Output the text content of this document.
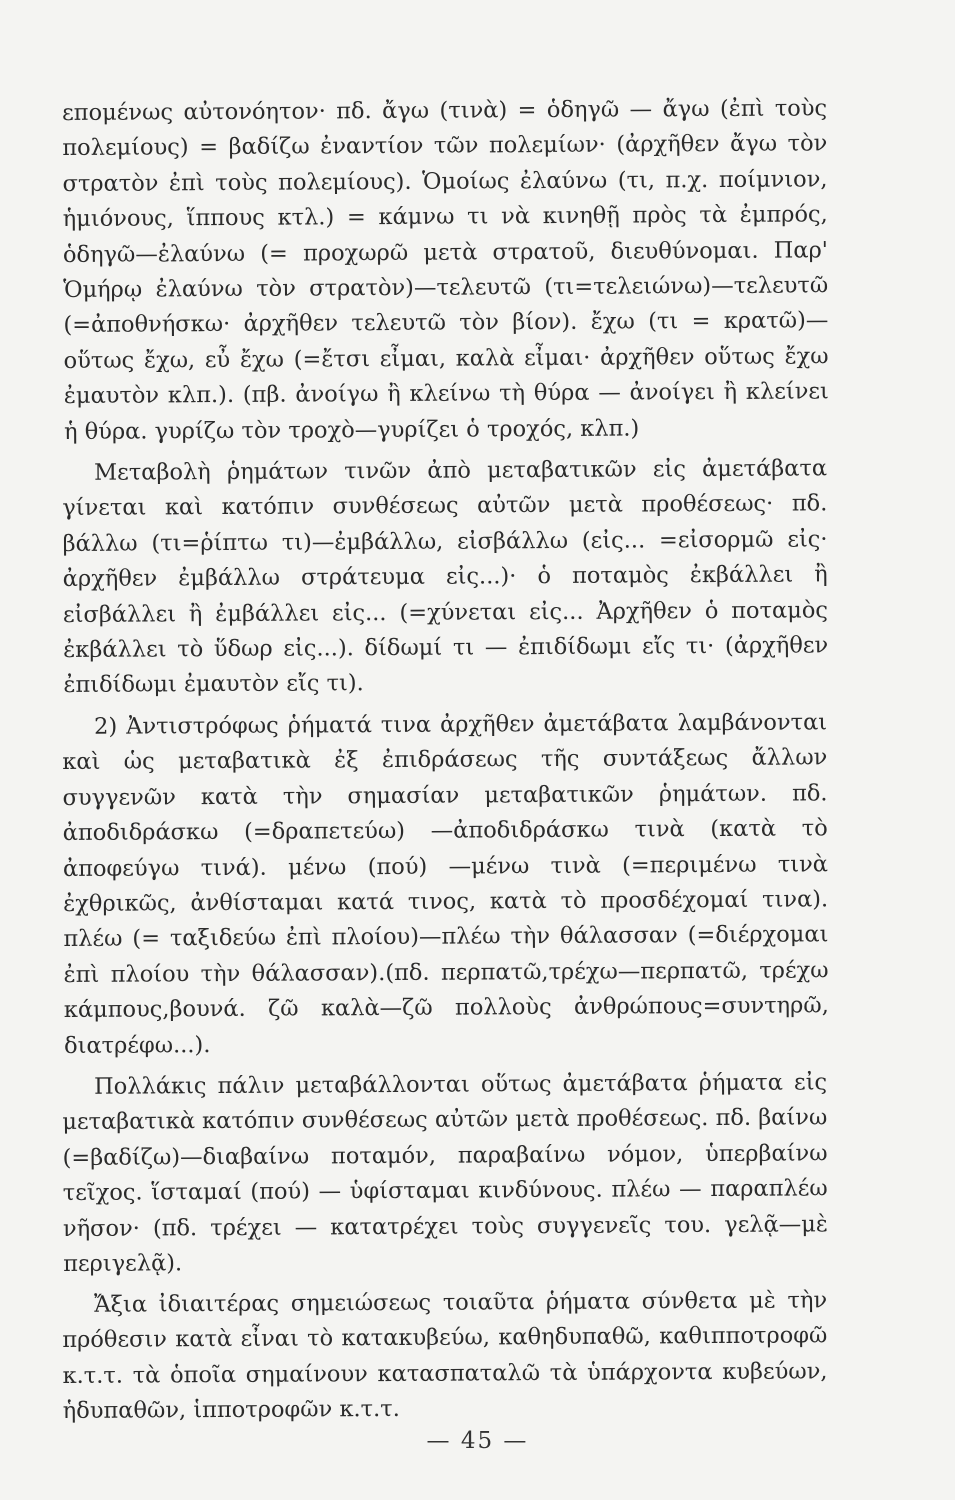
επομένως αὐτονόητον· πδ. ἄγω (τινὰ) = ὁδηγῶ — ἄγω (ἐπὶ τοὺς πολεμίους) = βαδίζω ἐναντίον τῶν πολεμίων· (ἀρχῆθεν ἄγω τὸν στρατὸν ἐπὶ τοὺς πολεμίους). Ὁμοίως ἐλαύνω (τι, π.χ. ποίμνιον, ἡμιόνους, ἵππους κτλ.) = κάμνω τι νὰ κινηθῇ πρὸς τὰ ἐμπρός, ὁδηγῶ—ἐλαύνω (= προχωρῶ μετὰ στρατοῦ, διευθύνομαι. Παρ' Ὁμήρῳ ἐλαύνω τὸν στρατὸν)—τελευτῶ (τι=τελειώνω)—τελευτῶ (=ἀποθνήσκω· ἀρχῆθεν τελευτῶ τὸν βίον). ἔχω (τι = κρατῶ)— οὕτως ἔχω, εὖ ἔχω (=ἔτσι εἶμαι, καλὰ εἶμαι· ἀρχῆθεν οὕτως ἔχω ἐμαυτὸν κλπ.). (πβ. ἀνοίγω ἢ κλείνω τὴ θύρα — ἀνοίγει ἢ κλείνει ἡ θύρα. γυρίζω τὸν τροχὸ—γυρίζει ὁ τροχός, κλπ.)

Μεταβολὴ ῥημάτων τινῶν ἀπὸ μεταβατικῶν εἰς ἀμετάβατα γίνεται καὶ κατόπιν συνθέσεως αὐτῶν μετὰ προθέσεως· πδ. βάλλω (τι=ῥίπτω τι)—ἐμβάλλω, εἰσβάλλω (εἰς... =εἰσορμῶ εἰς· ἀρχῆθεν ἐμβάλλω στράτευμα εἰς...)· ὁ ποταμὸς ἐκβάλλει ἢ εἰσβάλλει ἢ ἐμβάλλει εἰς... (=χύνεται εἰς... Ἀρχῆθεν ὁ ποταμὸς ἐκβάλλει τὸ ὕδωρ εἰς...). δίδωμί τι — ἐπιδίδωμι εἴς τι· (ἀρχῆθεν ἐπιδίδωμι ἐμαυτὸν εἴς τι).

2) Ἀντιστρόφως ῥήματά τινα ἀρχῆθεν ἀμετάβατα λαμβάνονται καὶ ὡς μεταβατικὰ ἐξ ἐπιδράσεως τῆς συντάξεως ἄλλων συγγενῶν κατὰ τὴν σημασίαν μεταβατικῶν ῥημάτων. πδ. ἀποδιδράσκω (=δραπετεύω) —ἀποδιδράσκω τινὰ (κατὰ τὸ ἀποφεύγω τινά). μένω (πού) —μένω τινὰ (=περιμένω τινὰ ἐχθρικῶς, ἀνθίσταμαι κατά τινος, κατὰ τὸ προσδέχομαί τινα). πλέω (= ταξιδεύω ἐπὶ πλοίου)—πλέω τὴν θάλασσαν (=διέρχομαι ἐπὶ πλοίου τὴν θάλασσαν).(πδ. περπατῶ,τρέχω—περπατῶ, τρέχω κάμπους,βουνά. ζῶ καλὰ—ζῶ πολλοὺς ἀνθρώπους=συντηρῶ, διατρέφω...).

Πολλάκις πάλιν μεταβάλλονται οὕτως ἀμετάβατα ῥήματα εἰς μεταβατικὰ κατόπιν συνθέσεως αὐτῶν μετὰ προθέσεως. πδ. βαίνω (=βαδίζω)—διαβαίνω ποταμόν, παραβαίνω νόμον, ὑπερβαίνω τεῖχος. ἵσταμαί (πού) — ὑφίσταμαι κινδύνους. πλέω — παραπλέω νῆσον· (πδ. τρέχει — κατατρέχει τοὺς συγγενεῖς του. γελᾷ—μὲ περιγελᾷ).

Ἄξια ἰδιαιτέρας σημειώσεως τοιαῦτα ῥήματα σύνθετα μὲ τὴν πρόθεσιν κατὰ εἶναι τὸ κατακυβεύω, καθηδυπαθῶ, καθιπποτροφῶ κ.τ.τ. τὰ ὁποῖα σημαίνουν κατασπαταλῶ τὰ ὑπάρχοντα κυβεύων, ἡδυπαθῶν, ἱπποτροφῶν κ.τ.τ.

— 45 —
